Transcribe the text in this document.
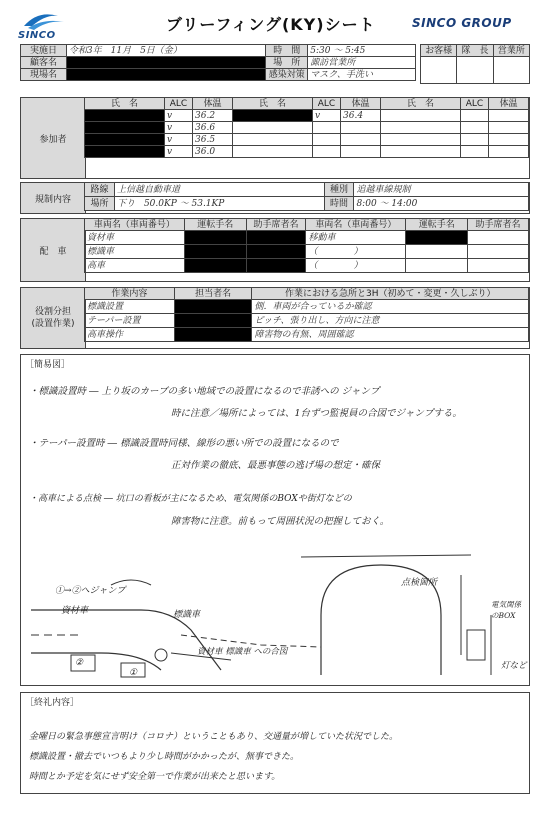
SINCO
ブリーフィング(KY)シート	SINCO GROUP
実施日	令和3年　11月　5日（金）	時　間	5:30 〜 5:45
顧客名		場　所	諏訪営業所
現場名		感染対策	マスク、手洗い
お客様	隊　長	営業所

参加者
氏　名	ALC	体温	氏　名	ALC	体温	氏　名	ALC	体温
	v	36.2		v	36.4			
	v	36.6						
	v	36.5						
	v	36.0						
規制内容
路線	上信越自動車道	種別	追越車線規制
場所	下り　50.0KP 〜 53.1KP	時間	8:00 〜 14:00
配　車
車両名（車両番号）	運転手名	助手席者名	車両名（車両番号）	運転手名	助手席者名
資材車			移動車		
標識車			（　　　　）		
高車			（　　　　）		
役割分担
(設置作業)
作業内容	担当者名	作業における急所と3H（初めて・変更・久しぶり）
標識設置		側．車両が合っているか確認
テーパー設置		ピッチ、張り出し、方向に注意
高車操作		障害物の有無、周囲確認
［簡易図］
・標識設置時 ― 上り坂のカーブの多い地域での設置になるので非誘への ジャンプ
時に注意／場所によっては、1台ずつ監視員の合図でジャンプする。
・テーパー設置時 ― 標識設置時同様、線形の悪い所での設置になるので
正対作業の徹底、最悪事態の逃げ場の想定・確保
・高車による点検 ― 坑口の看板が主になるため、電気関係のBOXや街灯などの
障害物に注意。前もって周囲状況の把握しておく。
①→②へジャンプ
資材車	標識車
資材車 標識車 への合図
点検箇所
電気関係のBOX
灯など
②
①
［終礼内容］
金曜日の緊急事態宣言明け（コロナ）ということもあり、交通量が増していた状況でした。
標識設置・撤去でいつもより少し時間がかかったが、無事できた。
時間とか予定を気にせず安全第一で作業が出来たと思います。
